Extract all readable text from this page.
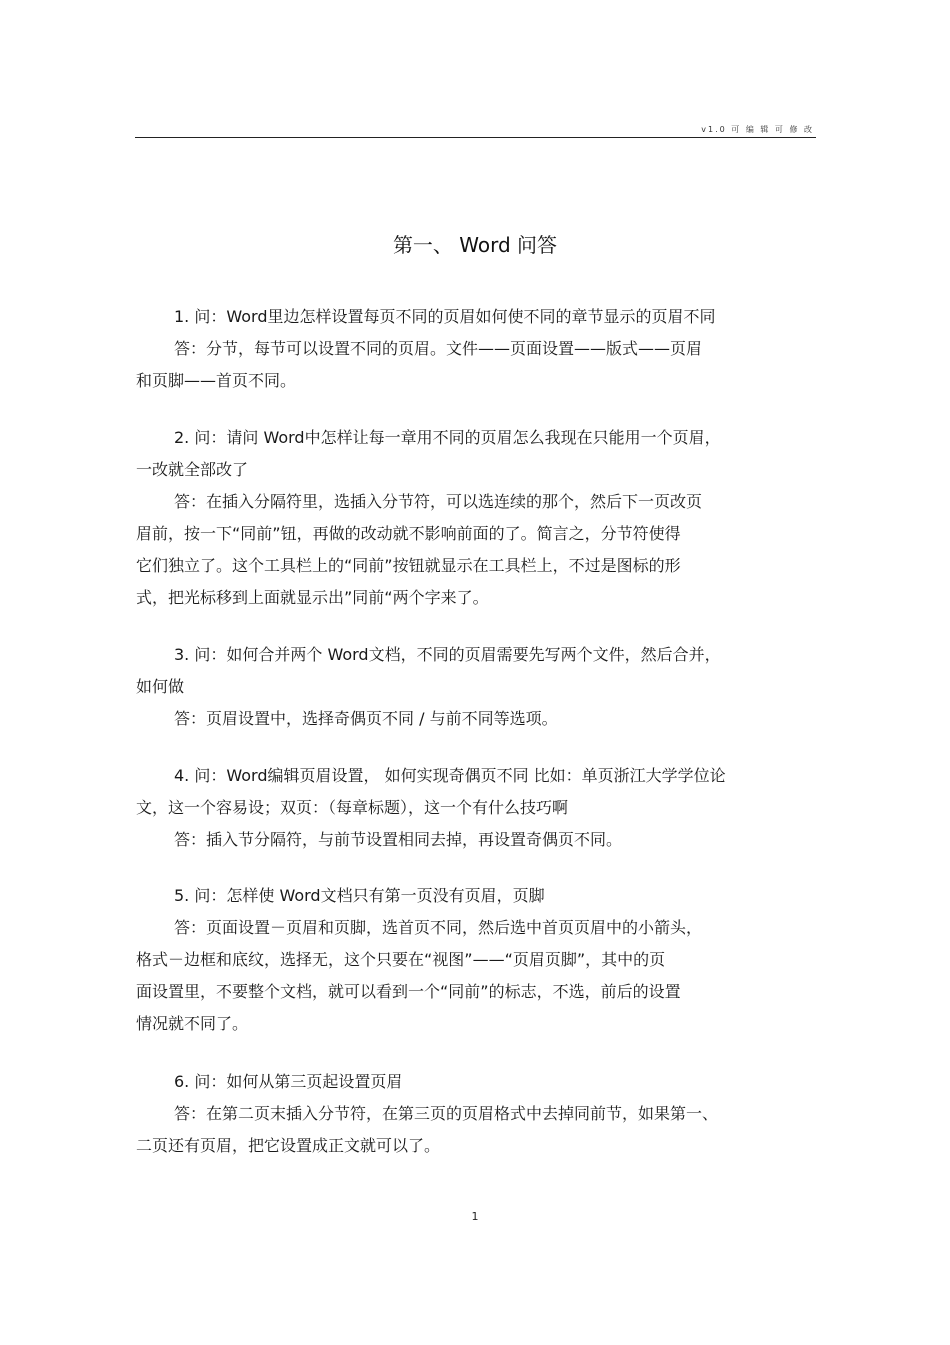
v1.0 可 编 辑 可 修 改
第一、 Word 问答
1. 问：Word里边怎样设置每页不同的页眉如何使不同的章节显示的页眉不同
答：分节，每节可以设置不同的页眉。文件——页面设置——版式——页眉
和页脚——首页不同。
2. 问：请问 Word中怎样让每一章用不同的页眉怎么我现在只能用一个页眉，
一改就全部改了
答：在插入分隔符里，选插入分节符，可以选连续的那个，然后下一页改页
眉前，按一下“同前”钮，再做的改动就不影响前面的了。简言之，分节符使得
它们独立了。这个工具栏上的“同前”按钮就显示在工具栏上，不过是图标的形
式，把光标移到上面就显示出”同前“两个字来了。
3. 问：如何合并两个 Word文档，不同的页眉需要先写两个文件，然后合并，
如何做
答：页眉设置中，选择奇偶页不同 / 与前不同等选项。
4. 问：Word编辑页眉设置， 如何实现奇偶页不同 比如：单页浙江大学学位论
文，这一个容易设；双页：（每章标题），这一个有什么技巧啊
答：插入节分隔符，与前节设置相同去掉，再设置奇偶页不同。
5. 问：怎样使 Word文档只有第一页没有页眉，页脚
答：页面设置－页眉和页脚，选首页不同，然后选中首页页眉中的小箭头，
格式－边框和底纹，选择无，这个只要在“视图”——“页眉页脚”，其中的页
面设置里，不要整个文档，就可以看到一个“同前”的标志，不选，前后的设置
情况就不同了。
6. 问：如何从第三页起设置页眉
答：在第二页末插入分节符，在第三页的页眉格式中去掉同前节，如果第一、
二页还有页眉，把它设置成正文就可以了。
1
